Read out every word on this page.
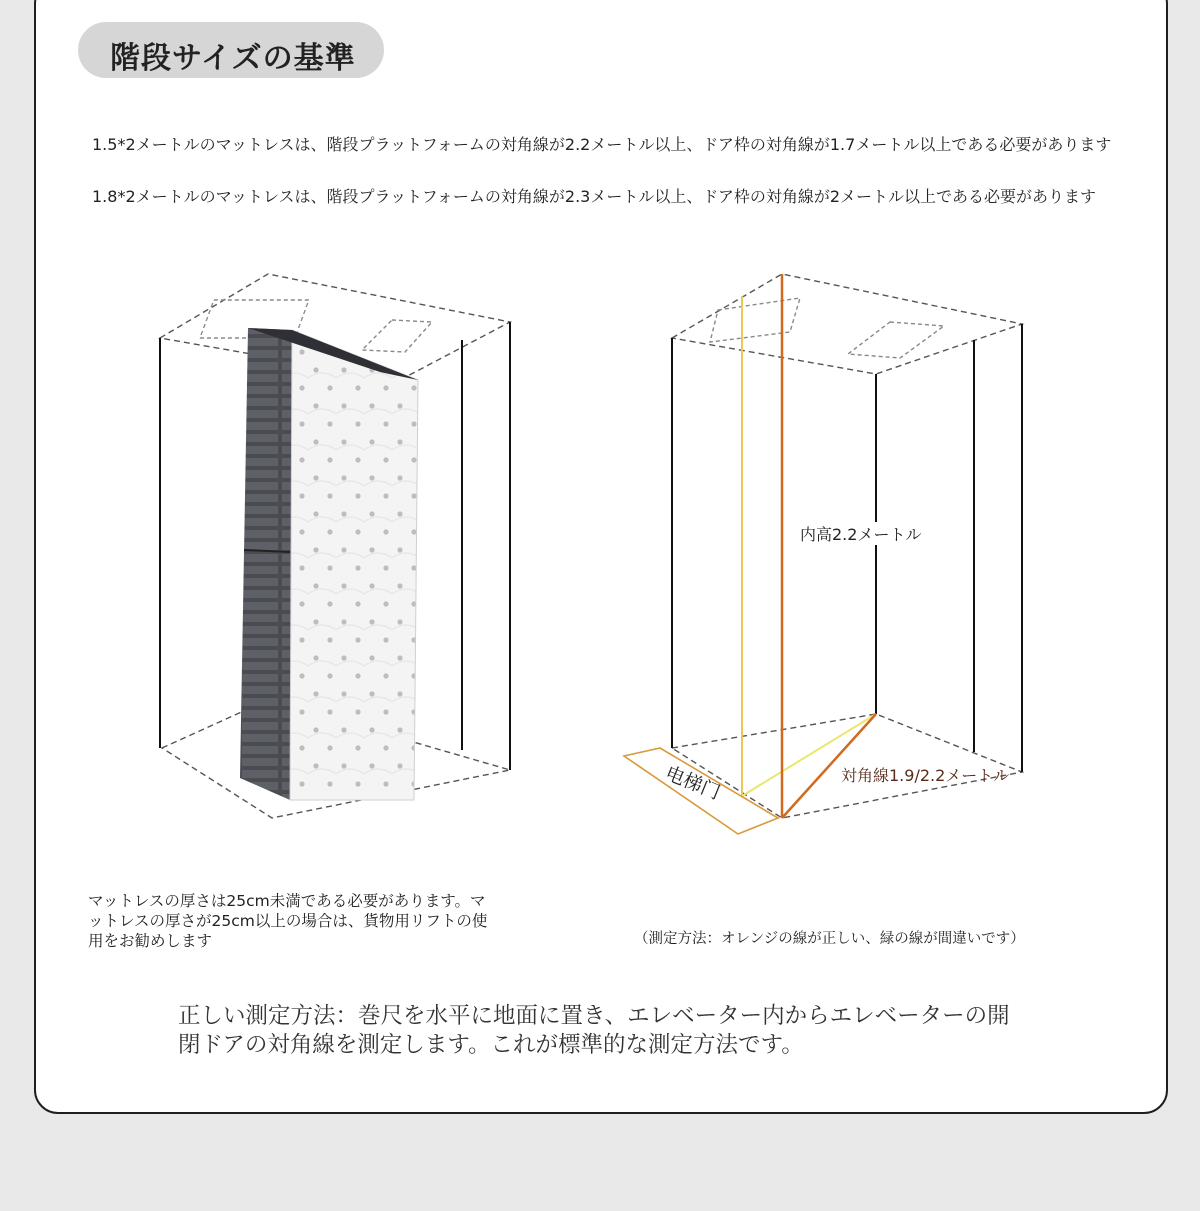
階段サイズの基準
1.5*2メートルのマットレスは、階段プラットフォームの対角線が2.2メートル以上、ドア枠の対角線が1.7メートル以上である必要があります
1.8*2メートルのマットレスは、階段プラットフォームの対角線が2.3メートル以上、ドア枠の対角線が2メートル以上である必要があります
电梯门
内高2.2メートル
対角線1.9/2.2メートル
マットレスの厚さは25cm未満である必要があります。マットレスの厚さが25cm以上の場合は、貨物用リフトの使用をお勧めします	（測定方法：オレンジの線が正しい、緑の線が間違いです）
正しい測定方法：巻尺を水平に地面に置き、エレベーター内からエレベーターの開閉ドアの対角線を測定します。これが標準的な測定方法です。
